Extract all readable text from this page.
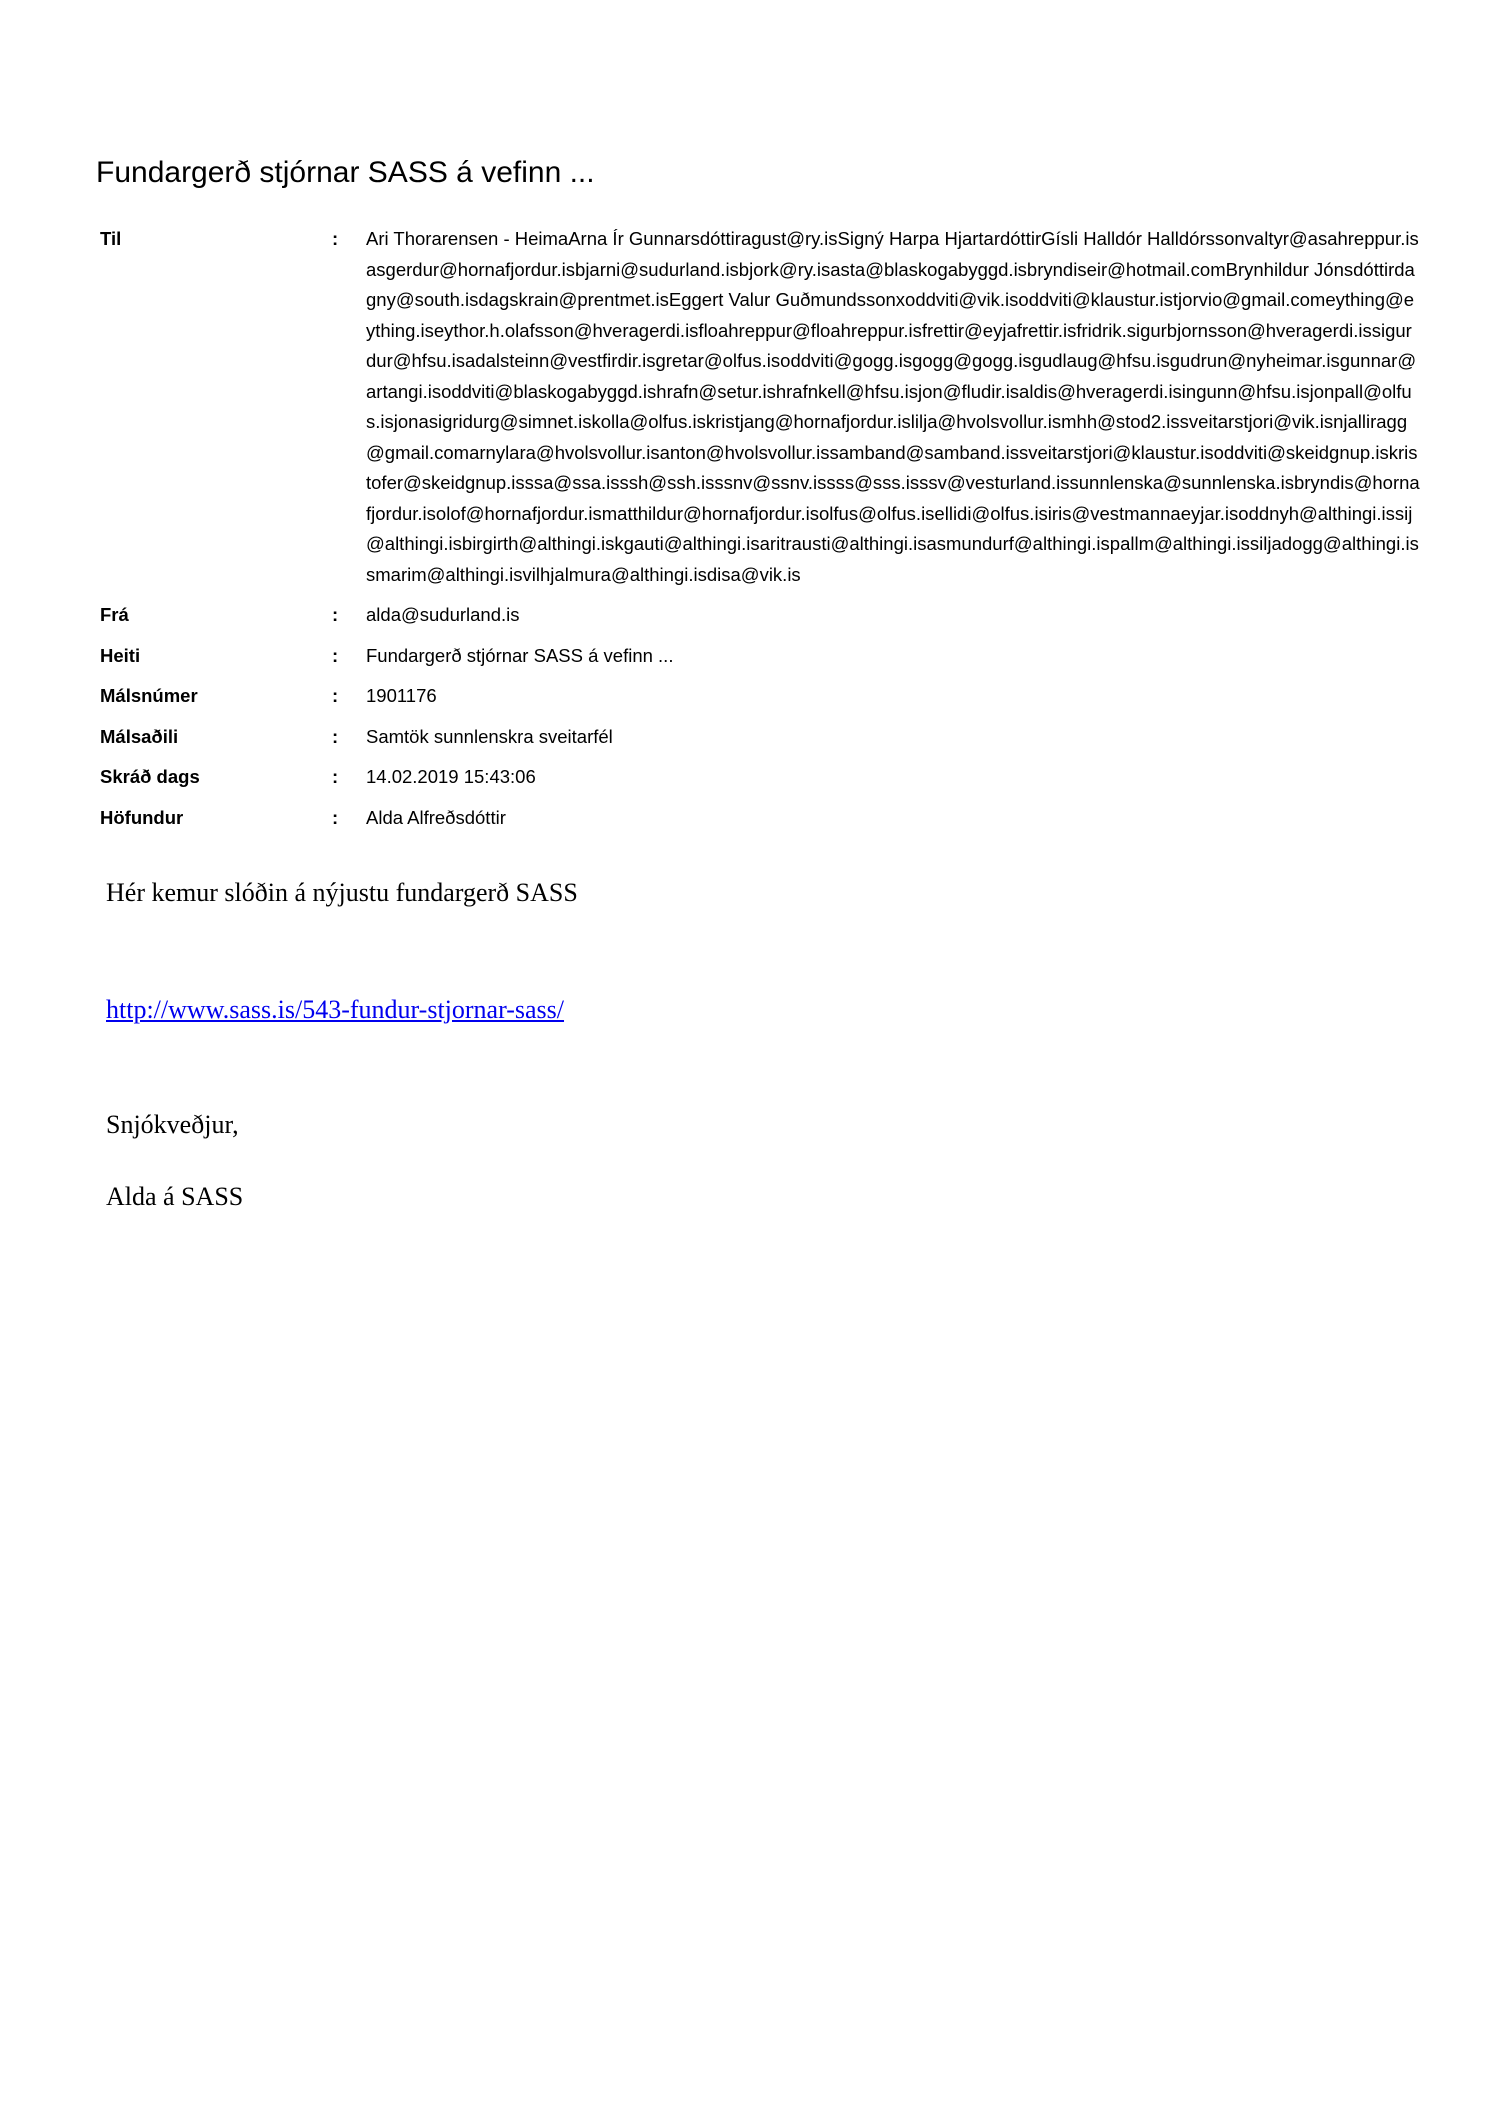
Fundargerð stjórnar SASS á vefinn ...
Til	:	Ari Thorarensen - HeimaArna Ír Gunnarsdóttiragust@ry.isSigný Harpa HjartardóttirGísli Halldór Halldórssonvaltyr@asahreppur.isasgerdur@hornafjordur.isbjarni@sudurland.isbjork@ry.isasta@blaskogabyggd.isbryndiseir@hotmail.comBrynhildur Jónsdóttirdagny@south.isdagskrain@prentmet.isEggert Valur Guðmundssonxoddviti@vik.isoddviti@klaustur.istjorvio@gmail.comeything@eything.iseythor.h.olafsson@hveragerdi.isfloahreppur@floahreppur.isfrettir@eyjafrettir.isfridrik.sigurbjornsson@hveragerdi.issigurdur@hfsu.isadalsteinn@vestfirdir.isgretar@olfus.isoddviti@gogg.isgogg@gogg.isgudlaug@hfsu.isgudrun@nyheimar.isgunnar@artangi.isoddviti@blaskogabyggd.ishrafn@setur.ishrafnkell@hfsu.isjon@fludir.isaldis@hveragerdi.isingunn@hfsu.isjonpall@olfus.isjonasigridurg@simnet.iskolla@olfus.iskristjang@hornafjordur.islilja@hvolsvollur.ismhh@stod2.issveitarstjori@vik.isnjalliragg@gmail.comarnylara@hvolsvollur.isanton@hvolsvollur.issamband@samband.issveitarstjori@klaustur.isoddviti@skeidgnup.iskristofer@skeidgnup.isssa@ssa.isssh@ssh.isssnv@ssnv.issss@sss.isssv@vesturland.issunnlenska@sunnlenska.isbryndis@hornafjordur.isolof@hornafjordur.ismatthildur@hornafjordur.isolfus@olfus.isellidi@olfus.isiris@vestmannaeyjar.isoddnyh@althingi.issij@althingi.isbirgirth@althingi.iskgauti@althingi.isaritrausti@althingi.isasmundurf@althingi.ispallm@althingi.issiljadogg@althingi.issmarim@althingi.isvilhjalmura@althingi.isdisa@vik.is
Frá	:	alda@sudurland.is
Heiti	:	Fundargerð stjórnar SASS á vefinn ...
Málsnúmer	:	1901176
Málsaðili	:	Samtök sunnlenskra sveitarfél
Skráð dags	:	14.02.2019 15:43:06
Höfundur	:	Alda Alfreðsdóttir
Hér kemur slóðin á nýjustu fundargerð SASS
http://www.sass.is/543-fundur-stjornar-sass/
Snjókveðjur,
Alda á SASS
